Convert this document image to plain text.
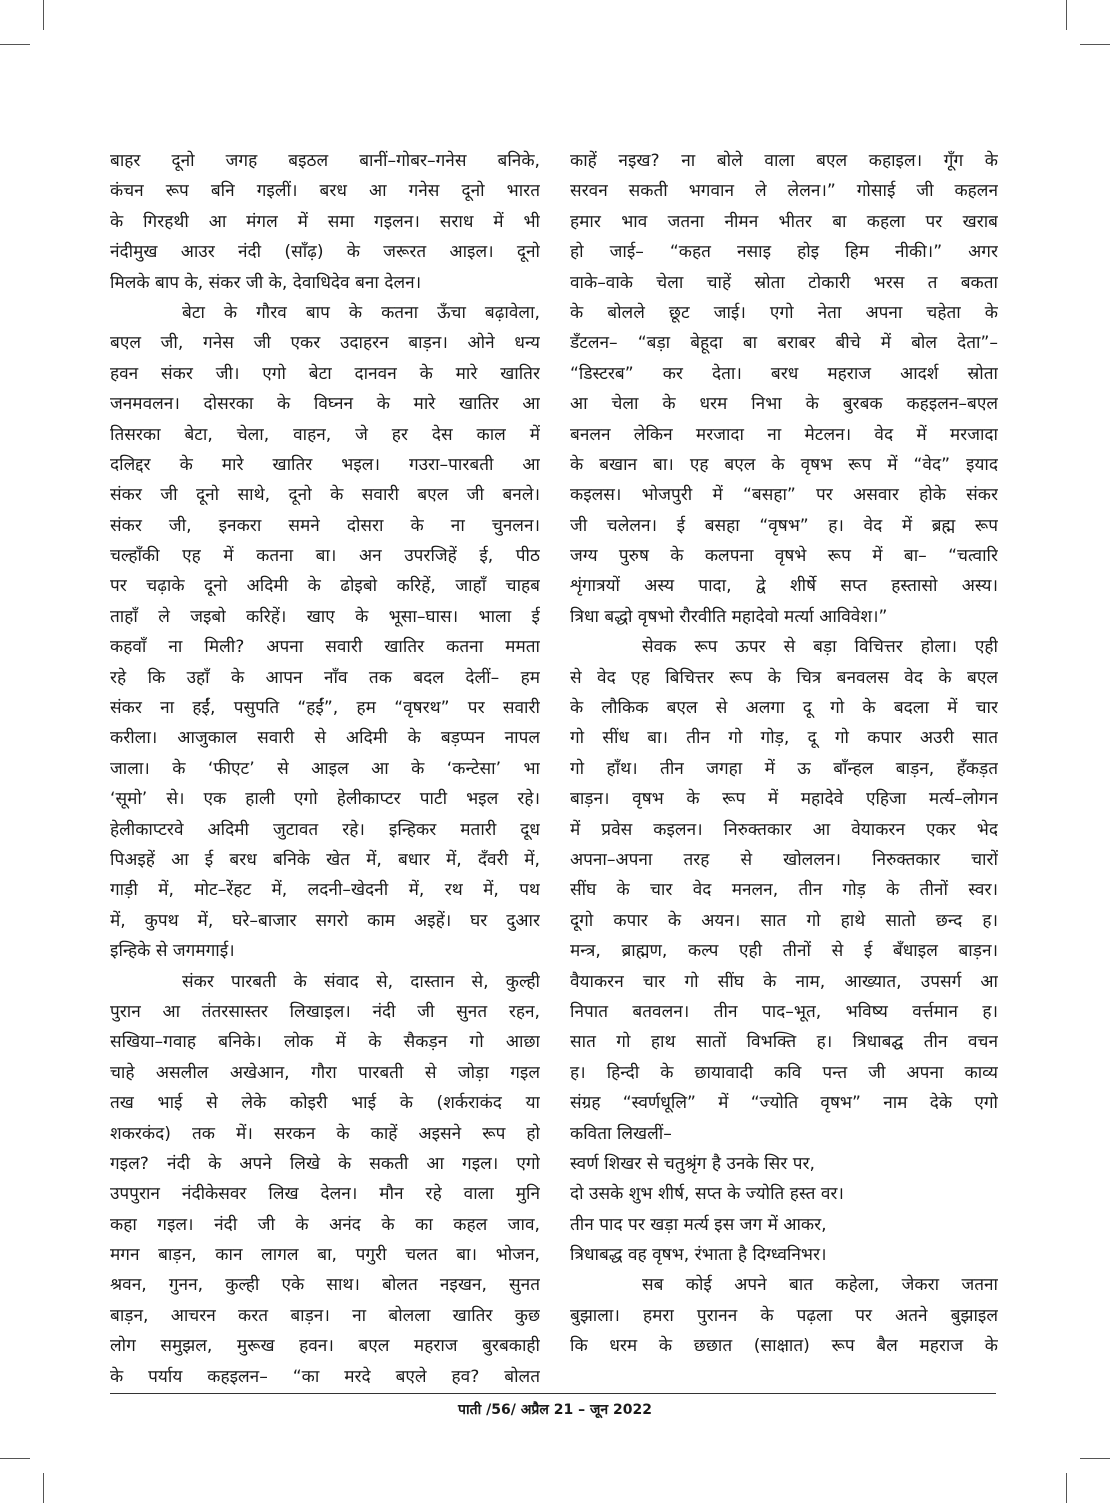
बाहर दूनो जगह बइठल बानीं–गोबर–गनेस बनिके,
कंचन रूप बनि गइलीं। बरध आ गनेस दूनो भारत
के गिरहथी आ मंगल में समा गइलन। सराध में भी
नंदीमुख आउर नंदी (साँढ़) के जरूरत आइल। दूनो
मिलके बाप के, संकर जी के, देवाधिदेव बना देलन।
बेटा के गौरव बाप के कतना ऊँचा बढ़ावेला,
बएल जी, गनेस जी एकर उदाहरन बाड़न। ओने धन्य
हवन संकर जी। एगो बेटा दानवन के मारे खातिर
जनमवलन। दोसरका के विघ्नन के मारे खातिर आ
तिसरका बेटा, चेला, वाहन, जे हर देस काल में
दलिद्दर के मारे खातिर भइल। गउरा–पारबती आ
संकर जी दूनो साथे, दूनो के सवारी बएल जी बनले।
संकर जी, इनकरा समने दोसरा के ना चुनलन।
चल्हाँकी एह में कतना बा। अन उपरजिहें ई, पीठ
पर चढ़ाके दूनो अदिमी के ढोइबो करिहें, जाहाँ चाहब
ताहाँ ले जइबो करिहें। खाए के भूसा–घास। भाला ई
कहवाँ ना मिली? अपना सवारी खातिर कतना ममता
रहे कि उहाँ के आपन नाँव तक बदल देलीं– हम
संकर ना हईं, पसुपति “हईं”, हम “वृषरथ” पर सवारी
करीला। आजुकाल सवारी से अदिमी के बड़प्पन नापल
जाला। के ‘फीएट’ से आइल आ के ‘कन्टेसा’ भा
‘सूमो’ से। एक हाली एगो हेलीकाप्टर पाटी भइल रहे।
हेलीकाप्टरवे अदिमी जुटावत रहे। इन्हिकर मतारी दूध
पिअइहें आ ई बरध बनिके खेत में, बधार में, दँवरी में,
गाड़ी में, मोट–रेंहट में, लदनी–खेदनी में, रथ में, पथ
में, कुपथ में, घरे–बाजार सगरो काम अइहें। घर दुआर
इन्हिके से जगमगाई।
संकर पारबती के संवाद से, दास्तान से, कुल्ही
पुरान आ तंतरसास्तर लिखाइल। नंदी जी सुनत रहन,
सखिया–गवाह बनिके। लोक में के सैकड़न गो आछा
चाहे असलील अखेआन, गौरा पारबती से जोड़ा गइल
तख भाई से लेके कोइरी भाई के (शर्कराकंद या
शकरकंद) तक में। सरकन के काहें अइसने रूप हो
गइल? नंदी के अपने लिखे के सकती आ गइल। एगो
उपपुरान नंदीकेसवर लिख देलन। मौन रहे वाला मुनि
कहा गइल। नंदी जी के अनंद के का कहल जाव,
मगन बाड़न, कान लागल बा, पगुरी चलत बा। भोजन,
श्रवन, गुनन, कुल्ही एके साथ। बोलत नइखन, सुनत
बाड़न, आचरन करत बाड़न। ना बोलला खातिर कुछ
लोग समुझल, मुरूख हवन। बएल महराज बुरबकाही
के पर्याय कहइलन– “का मरदे बएले हव? बोलत
काहें नइख? ना बोले वाला बएल कहाइल। गूँग के
सरवन सकती भगवान ले लेलन।” गोसाई जी कहलन
हमार भाव जतना नीमन भीतर बा कहला पर खराब
हो जाई– “कहत नसाइ होइ हिम नीकी।” अगर
वाके–वाके चेला चाहें स्रोता टोकारी भरस त बकता
के बोलले छूट जाई। एगो नेता अपना चहेता के
डँटलन– “बड़ा बेहूदा बा बराबर बीचे में बोल देता”–
“डिस्टरब” कर देता। बरध महराज आदर्श स्रोता
आ चेला के धरम निभा के बुरबक कहइलन–बएल
बनलन लेकिन मरजादा ना मेटलन। वेद में मरजादा
के बखान बा। एह बएल के वृषभ रूप में “वेद” इयाद
कइलस। भोजपुरी में “बसहा” पर असवार होके संकर
जी चलेलन। ई बसहा “वृषभ” ह। वेद में ब्रह्म रूप
जग्य पुरुष के कलपना वृषभे रूप में बा– “चत्वारि
शृंगात्रयों अस्य पादा, द्वे शीर्षे सप्त हस्तासो अस्य।
त्रिधा बद्धो वृषभो रौरवीति महादेवो मर्त्या आविवेश।”
सेवक रूप ऊपर से बड़ा विचित्तर होला। एही
से वेद एह बिचित्तर रूप के चित्र बनवलस वेद के बएल
के लौकिक बएल से अलगा दू गो के बदला में चार
गो सींध बा। तीन गो गोड़, दू गो कपार अउरी सात
गो हाँथ। तीन जगहा में ऊ बाँन्हल बाड़न, हँकड़त
बाड़न। वृषभ के रूप में महादेवे एहिजा मर्त्य–लोगन
में प्रवेस कइलन। निरुक्तकार आ वेयाकरन एकर भेद
अपना–अपना तरह से खोललन। निरुक्तकार चारों
सींघ के चार वेद मनलन, तीन गोड़ के तीनों स्वर।
दूगो कपार के अयन। सात गो हाथे सातो छन्द ह।
मन्त्र, ब्राह्मण, कल्प एही तीनों से ई बँधाइल बाड़न।
वैयाकरन चार गो सींघ के नाम, आख्यात, उपसर्ग आ
निपात बतवलन। तीन पाद–भूत, भविष्य वर्त्तमान ह।
सात गो हाथ सातों विभक्ति ह। त्रिधाबद्घ तीन वचन
ह। हिन्दी के छायावादी कवि पन्त जी अपना काव्य
संग्रह “स्वर्णधूलि” में “ज्योति वृषभ” नाम देके एगो
कविता लिखलीं–
स्वर्ण शिखर से चतुश्रृंग है उनके सिर पर,
दो उसके शुभ शीर्ष, सप्त के ज्योति हस्त वर।
तीन पाद पर खड़ा मर्त्य इस जग में आकर,
त्रिधाबद्ध वह वृषभ, रंभाता है दिग्ध्वनिभर।
सब कोई अपने बात कहेला, जेकरा जतना
बुझाला। हमरा पुरानन के पढ़ला पर अतने बुझाइल
कि धरम के छछात (साक्षात) रूप बैल महराज के
पाती /56/ अप्रैल 21 – जून 2022
